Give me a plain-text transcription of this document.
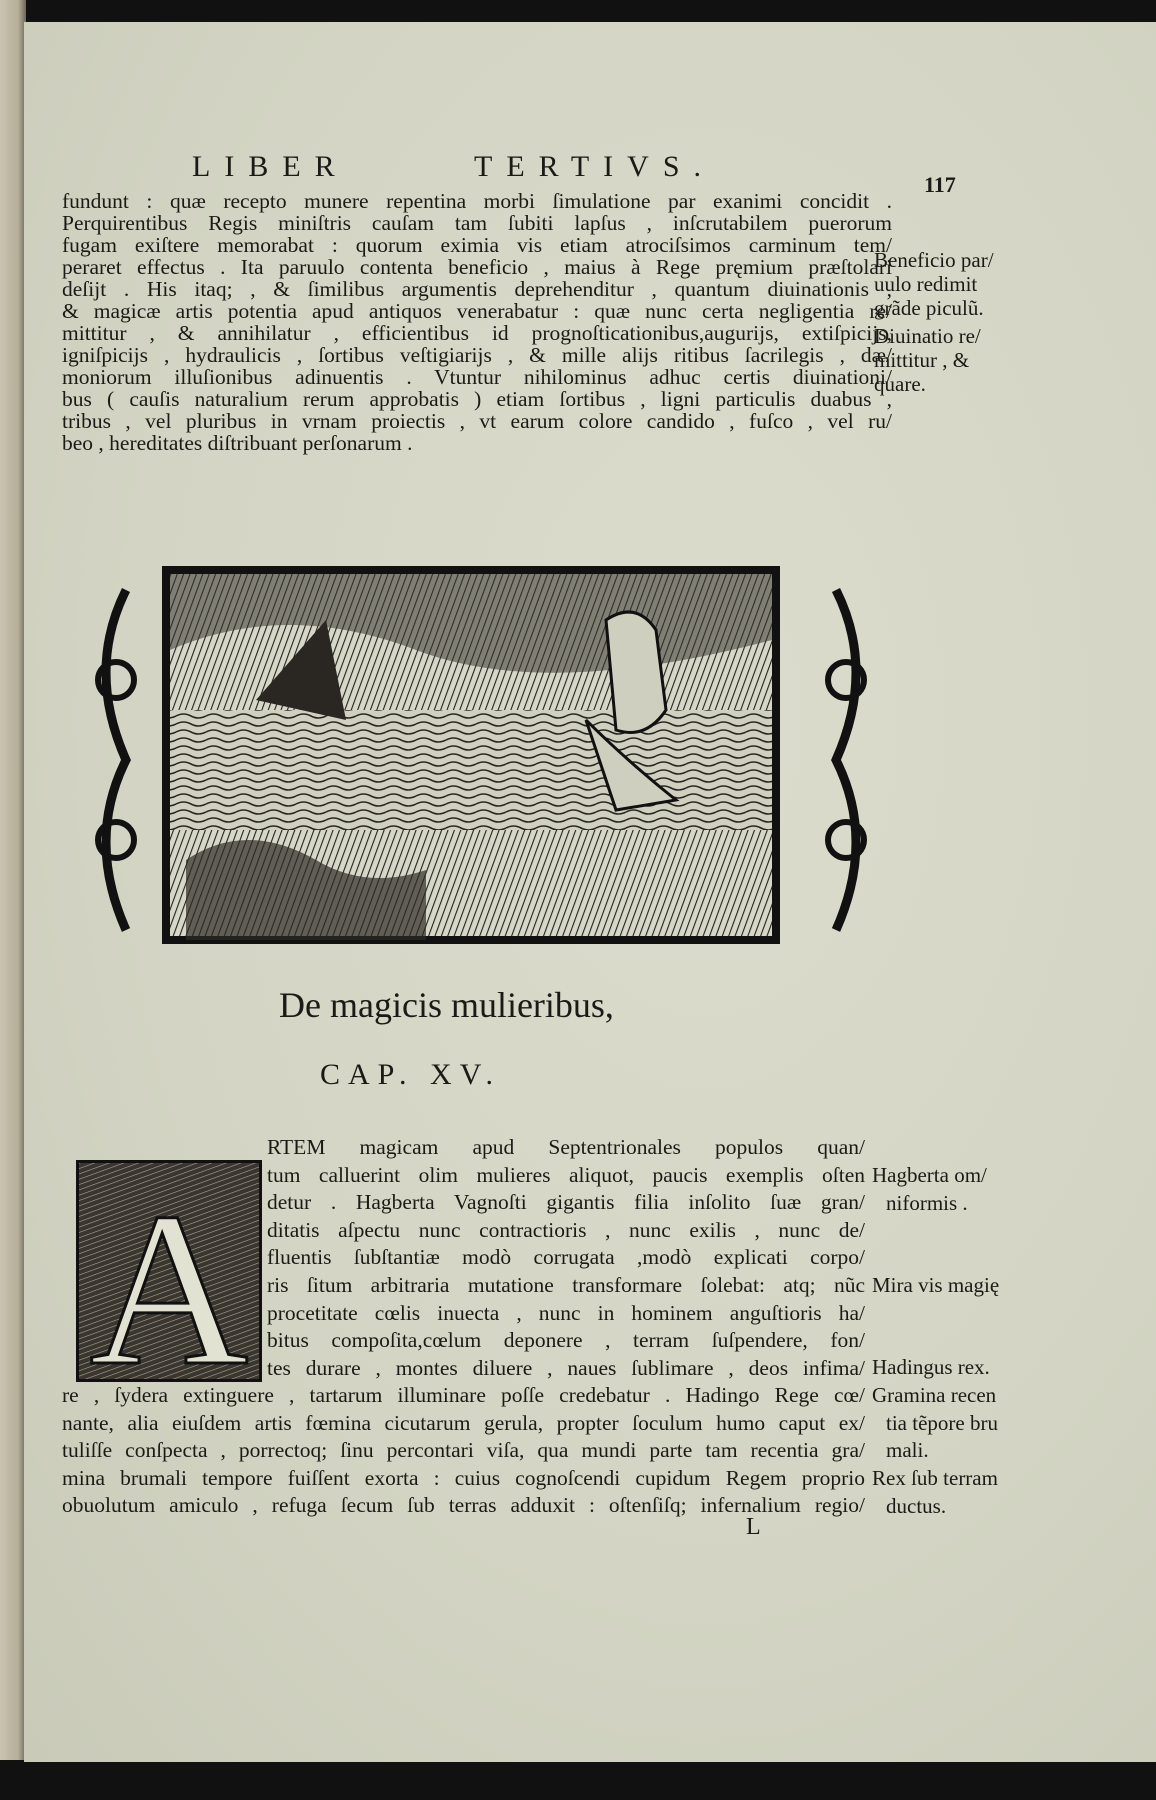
LIBER	TERTIVS.
117
fundunt : quæ recepto munere repentina morbi ſimulatione par exanimi concidit .
Perquirentibus Regis miniſtris cauſam tam ſubiti lapſus , inſcrutabilem puerorum
fugam exiſtere memorabat : quorum eximia vis etiam atrociſsimos carminum tem/
peraret effectus . Ita paruulo contenta beneficio , maius à Rege pręmium præſtolari
deſijt . His itaq; , & ſimilibus argumentis deprehenditur , quantum diuinationis ,
& magicæ artis potentia apud antiquos venerabatur : quæ nunc certa negligentia re/
mittitur , & annihilatur , efficientibus id prognoſticationibus,augurijs, extiſpicijs,
igniſpicijs , hydraulicis , ſortibus veſtigiarijs , & mille alijs ritibus ſacrilegis , dæ/
moniorum illuſionibus adinuentis . Vtuntur nihilominus adhuc certis diuinationi/
bus ( cauſis naturalium rerum approbatis ) etiam ſortibus , ligni particulis duabus ,
tribus , vel pluribus in vrnam proiectis , vt earum colore candido , fuſco , vel ru/
beo , hereditates diſtribuant perſonarum .
Beneficio par/
uulo redimit
grãde piculũ.
Diuinatio re/
mittitur , &
quare.
De magicis mulieribus,
CAP. XV.
A
RTEM magicam apud Septentrionales populos quan/
tum calluerint olim mulieres aliquot, paucis exemplis oſten
detur . Hagberta Vagnoſti gigantis filia inſolito ſuæ gran/
ditatis aſpectu nunc contractioris , nunc exilis , nunc de/
fluentis ſubſtantiæ modò corrugata ,modò explicati corpo/
ris ſitum arbitraria mutatione transformare ſolebat: atq; nũc
procetitate cœlis inuecta , nunc in hominem anguſtioris ha/
bitus compoſita,cœlum deponere , terram ſuſpendere, fon/
tes durare , montes diluere , naues ſublimare , deos infima/
re , ſydera extinguere , tartarum illuminare poſſe credebatur . Hadingo Rege cœ/
nante, alia eiuſdem artis fœmina cicutarum gerula, propter ſoculum humo caput ex/
tuliſſe conſpecta , porrectoq; ſinu percontari viſa, qua mundi parte tam recentia gra/
mina brumali tempore fuiſſent exorta : cuius cognoſcendi cupidum Regem proprio
obuolutum amiculo , refuga ſecum ſub terras adduxit : oſtenſiſq; infernalium regio/
Hagberta om/
niformis .
Mira vis magię
Hadingus rex.
Gramina recen
tia tẽpore bru
mali.
Rex ſub terram
ductus.
L
